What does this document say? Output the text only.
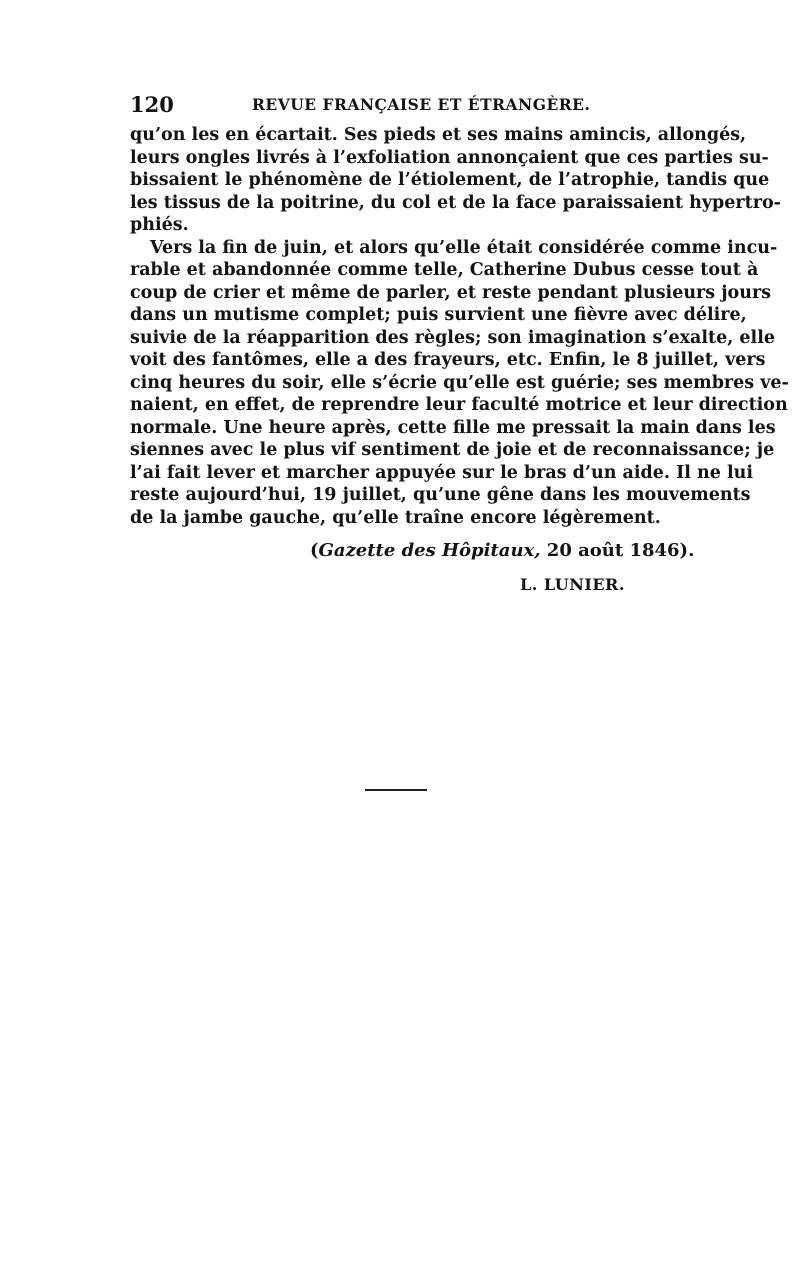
120	REVUE FRANÇAISE ET ÉTRANGÈRE.
qu’on les en écartait. Ses pieds et ses mains amincis, allongés,
leurs ongles livrés à l’exfoliation annonçaient que ces parties su-
bissaient le phénomène de l’étiolement, de l’atrophie, tandis que
les tissus de la poitrine, du col et de la face paraissaient hypertro-
phiés.
Vers la fin de juin, et alors qu’elle était considérée comme incu-
rable et abandonnée comme telle, Catherine Dubus cesse tout à
coup de crier et même de parler, et reste pendant plusieurs jours
dans un mutisme complet; puis survient une fièvre avec délire,
suivie de la réapparition des règles; son imagination s’exalte, elle
voit des fantômes, elle a des frayeurs, etc. Enfin, le 8 juillet, vers
cinq heures du soir, elle s’écrie qu’elle est guérie; ses membres ve-
naient, en effet, de reprendre leur faculté motrice et leur direction
normale. Une heure après, cette fille me pressait la main dans les
siennes avec le plus vif sentiment de joie et de reconnaissance; je
l’ai fait lever et marcher appuyée sur le bras d’un aide. Il ne lui
reste aujourd’hui, 19 juillet, qu’une gêne dans les mouvements
de la jambe gauche, qu’elle traîne encore légèrement.
(Gazette des Hôpitaux, 20 août 1846).
L. LUNIER.
